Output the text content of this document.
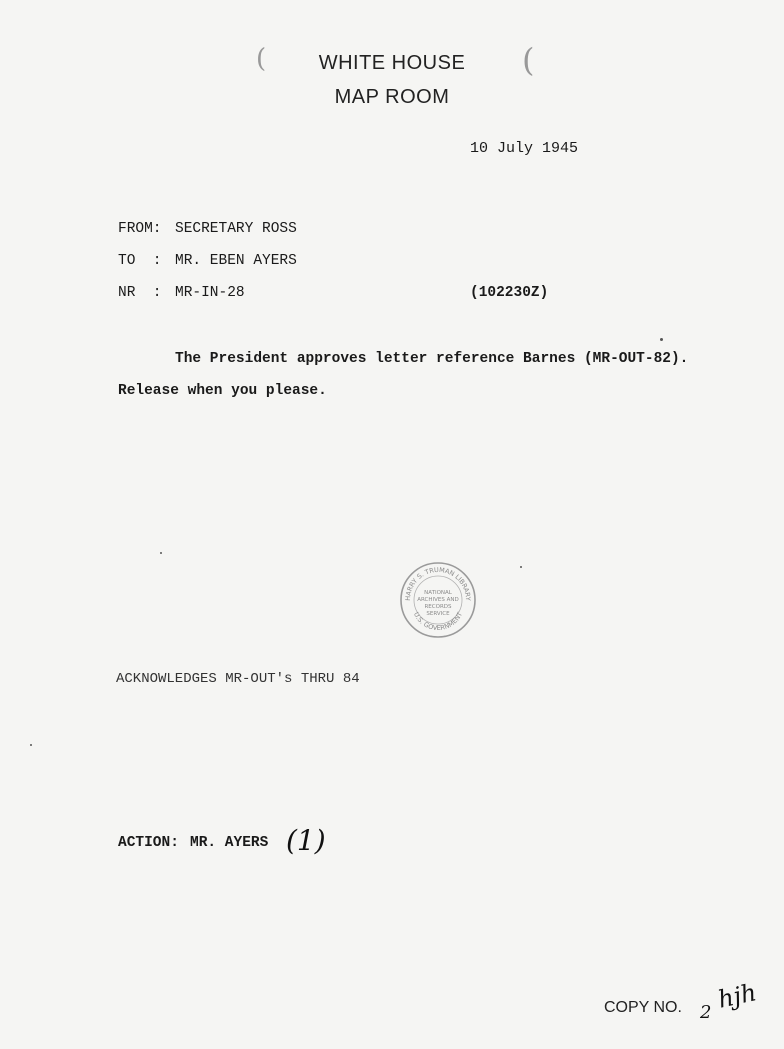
(	(
WHITE HOUSE
MAP ROOM
10 July 1945
FROM: SECRETARY ROSS
TO  : MR. EBEN AYERS
NR  : MR-IN-28	(102230Z)
The President approves letter reference Barnes (MR-OUT-82).
Release when you please.
HARRY S. TRUMAN LIBRARY
U.S. GOVERNMENT
NATIONAL
ARCHIVES AND
RECORDS
SERVICE
ACKNOWLEDGES MR-OUT's THRU 84
ACTION: MR. AYERS (1)
COPY NO. 2 hjh
